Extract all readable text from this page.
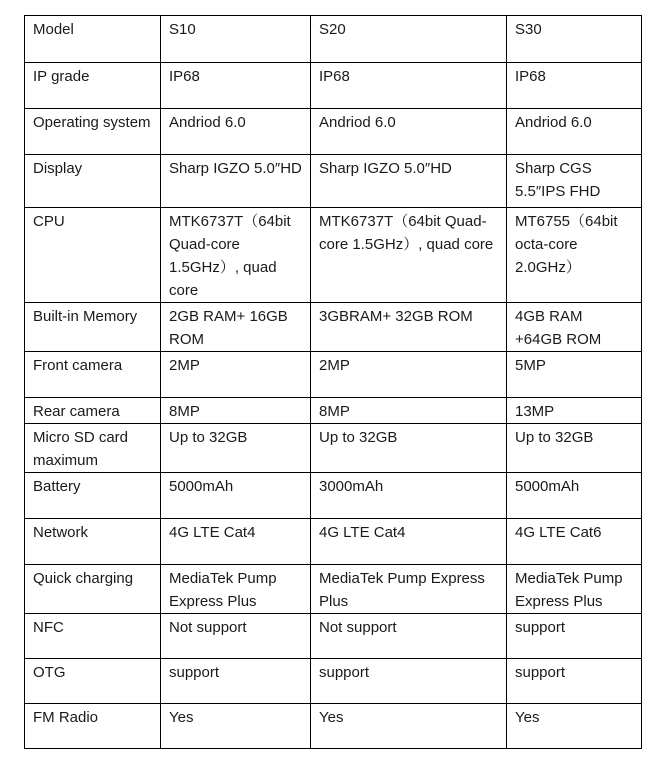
Model	S10	S20	S30
IP grade	IP68	IP68	IP68
Operating system	Andriod 6.0	Andriod 6.0	Andriod 6.0
Display	Sharp IGZO 5.0″HD	Sharp IGZO 5.0″HD	Sharp CGS 5.5″IPS FHD
CPU	MTK6737T（64bit Quad-core 1.5GHz）, quad core	MTK6737T（64bit Quad-core 1.5GHz）, quad core	MT6755（64bit octa-core 2.0GHz）
Built-in Memory	2GB RAM+ 16GB ROM	3GBRAM+ 32GB ROM	4GB RAM +64GB ROM
Front camera	2MP	2MP	5MP
Rear camera	8MP	8MP	13MP
Micro SD card maximum	Up to 32GB	Up to 32GB	Up to 32GB
Battery	5000mAh	3000mAh	5000mAh
Network	4G LTE Cat4	4G LTE Cat4	4G LTE Cat6
Quick charging	MediaTek Pump Express Plus	MediaTek Pump Express Plus	MediaTek Pump Express Plus
NFC	Not support	Not support	support
OTG	support	support	support
FM Radio	Yes	Yes	Yes
